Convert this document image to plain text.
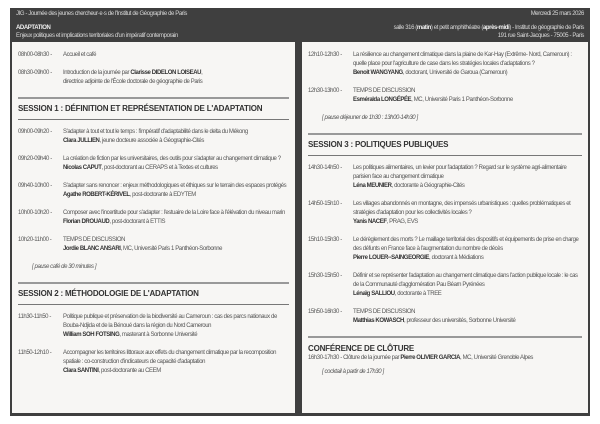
JIG - Journée des jeunes chercheur·e·s de l'Institut de Géographie de Paris
ADAPTATION
Enjeux politiques et implications territoriales d'un impératif contemporain
Mercredi 25 mars 2026
salle 316 (matin) et petit amphithéatre (après-midi) - Institut de géographie de Paris
191 rue Saint-Jacques - 75005 - Paris
08h00-08h30 -	Accueil et café
08h30-09h00 -	Introduction de la journée par Clarisse DIDELON LOISEAU,
directrice adjointe de l'École doctorale de géographie de Paris
SESSION 1 : DÉFINITION ET REPRÉSENTATION DE L'ADAPTATION
09h00-09h20 -	S'adapter à tout et tout le temps : l'impératif d'adaptabilité dans le delta du Mékong
Clara JULLIEN, jeune docteure associée à Géographie-Cités
09h20-09h40 -	La création de fiction par les universitaires, des outils pour s'adapter au changement climatique ?
Nicolas CAPUT, post-doctorant au CERAPS et à Textes et cultures
09h40-10h00 -	S'adapter sans renoncer : enjeux méthodologiques et éthiques sur le terrain des espaces protégés
Agathe ROBERT-KÉRIVEL, post-doctorante à EDYTEM
10h00-10h20 -	Composer avec l'incertitude pour s'adapter : l'estuaire de la Loire face à l'élévation du niveau marin
Florian DROUAUD, post-doctorant à ETTIS
10h20-11h00 -	TEMPS DE DISCUSSION
Jordie BLANC ANSARI, MC, Université Paris 1 Panthéon-Sorbonne
[ pause café de 30 minutes ]
SESSION 2 : MÉTHODOLOGIE DE L'ADAPTATION
11h30-11h50 -	Politique publique et préservation de la biodiversité au Cameroun : cas des parcs nationaux de Bouba-Ndjida et de la Bénoué dans la région du Nord Cameroun
William SOH FOTSING, masterant à Sorbonne Université
11h50-12h10 -	Accompagner les territoires littoraux aux effets du changement climatique par la recomposition spatiale : co-construction d'indicateurs de capacité d'adaptation
Clara SANTINI, post-doctorante au CEEM
12h10-12h30 -	La résilience au changement climatique dans la plaine de Kar-Hay (Extrême- Nord, Cameroun) : quelle place pour l'agriculture de case dans les stratégies locales d'adaptations ?
Benoit WANGYANG, doctorant, Université de Garoua (Cameroun)
12h30-13h00 -	TEMPS DE DISCUSSION
Esméralda LONGÉPÉE, MC, Université Paris 1 Panthéon-Sorbonne
[ pause déjeuner de 1h30 : 13h00-14h30 ]
SESSION 3 : POLITIQUES PUBLIQUES
14h30-14h50 -	Les politiques alimentaires, un levier pour l'adaptation ? Regard sur le système agri-alimentaire parisien face au changement climatique
Léna MEUNIER, doctorante à Géographie-Cités
14h50-15h10 -	Les villages abandonnés en montagne, des impensés urbanistiques : quelles problématiques et stratégies d'adaptation pour les collectivités locales ?
Yanis NACEF, PRAG, EVS
15h10-15h30 -	Le dérèglement des morts ? Le maillage territorial des dispositifs et équipements de prise en charge des défunts en France face à l'augmentation du nombre de décès
Pierre LOUER--SAINGEORGIE, doctorant à Médiations
15h30-15h50 -	Définir et se représenter l'adaptation au changement climatique dans l'action publique locale : le cas de la Communauté d'agglomération Pau Béarn Pyrénées
Lénaïg SALLIOU, doctorante à TREE
15h50-16h30 -	TEMPS DE DISCUSSION
Matthias KOWASCH, professeur des universités, Sorbonne Université
CONFÉRENCE DE CLÔTURE
16h30-17h30 - Clôture de la journée par Pierre OLIVIER GARCIA, MC, Université Grenoble Alpes
[ cocktail à partir de 17h30 ]
